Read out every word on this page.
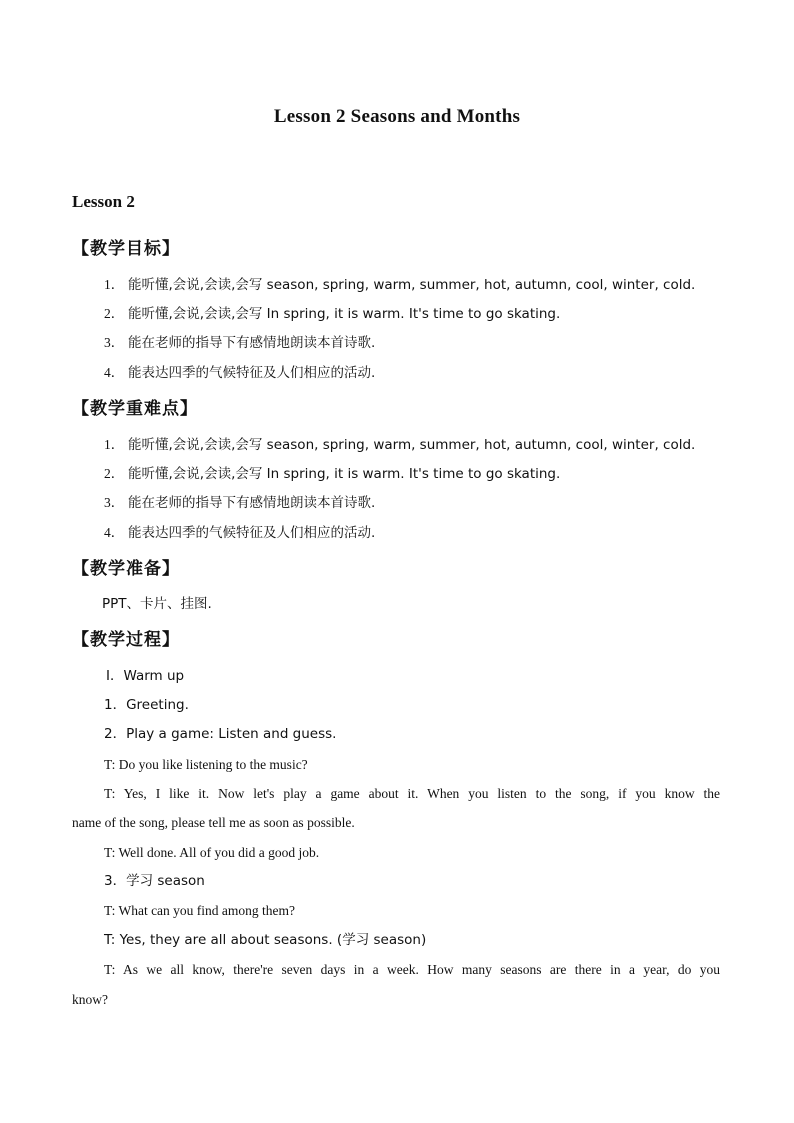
Lesson 2 Seasons and Months
Lesson 2
【教学目标】
1． 能听懂,会说,会读,会写 season, spring, warm, summer, hot, autumn, cool, winter, cold.
2． 能听懂,会说,会读,会写 In spring, it is warm. It's time to go skating.
3． 能在老师的指导下有感情地朗读本首诗歌.
4． 能表达四季的气候特征及人们相应的活动.
【教学重难点】
1． 能听懂,会说,会读,会写 season, spring, warm, summer, hot, autumn, cool, winter, cold.
2． 能听懂,会说,会读,会写 In spring, it is warm. It's time to go skating.
3． 能在老师的指导下有感情地朗读本首诗歌.
4． 能表达四季的气候特征及人们相应的活动.
【教学准备】
PPT、卡片、挂图.
【教学过程】
Ⅰ．Warm up
1．Greeting.
2．Play a game: Listen and guess.
T: Do you like listening to the music?
T: Yes, I like it. Now let's play a game about it. When you listen to the song, if you know the
name of the song, please tell me as soon as possible.
T: Well done. All of you did a good job.
3．学习 season
T: What can you find among them?
T: Yes, they are all about seasons. (学习 season)
T: As we all know, there're seven days in a week. How many seasons are there in a year, do you
know?
